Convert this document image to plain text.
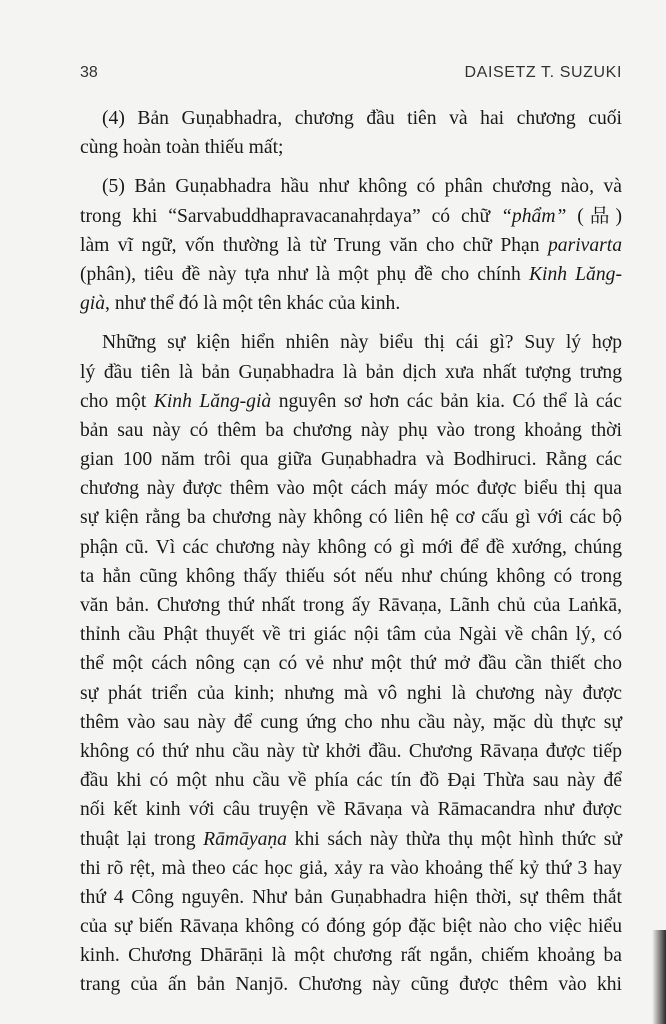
38	DAISETZ T. SUZUKI
(4) Bản Guṇabhadra, chương đầu tiên và hai chương cuối
cùng hoàn toàn thiếu mất;
(5) Bản Guṇabhadra hầu như không có phân chương nào, và
trong khi “Sarvabuddhapravacanahṛdaya” có chữ “phẩm” (品)
làm vĩ ngữ, vốn thường là từ Trung văn cho chữ Phạn parivarta
(phân), tiêu đề này tựa như là một phụ đề cho chính Kinh Lăng-
già, như thể đó là một tên khác của kinh.
Những sự kiện hiển nhiên này biểu thị cái gì? Suy lý hợp
lý đầu tiên là bản Guṇabhadra là bản dịch xưa nhất tượng trưng
cho một Kinh Lăng-già nguyên sơ hơn các bản kia. Có thể là các
bản sau này có thêm ba chương này phụ vào trong khoảng thời
gian 100 năm trôi qua giữa Guṇabhadra và Bodhiruci. Rằng các
chương này được thêm vào một cách máy móc được biểu thị qua
sự kiện rằng ba chương này không có liên hệ cơ cấu gì với các bộ
phận cũ. Vì các chương này không có gì mới để đề xướng, chúng
ta hẳn cũng không thấy thiếu sót nếu như chúng không có trong
văn bản. Chương thứ nhất trong ấy Rāvaṇa, Lãnh chủ của Laṅkā,
thỉnh cầu Phật thuyết về tri giác nội tâm của Ngài về chân lý, có
thể một cách nông cạn có vẻ như một thứ mở đầu cần thiết cho
sự phát triển của kinh; nhưng mà vô nghi là chương này được
thêm vào sau này để cung ứng cho nhu cầu này, mặc dù thực sự
không có thứ nhu cầu này từ khởi đầu. Chương Rāvaṇa được tiếp
đầu khi có một nhu cầu về phía các tín đồ Đại Thừa sau này để
nối kết kinh với câu truyện về Rāvaṇa và Rāmacandra như được
thuật lại trong Rāmāyaṇa khi sách này thừa thụ một hình thức sử
thi rõ rệt, mà theo các học giả, xảy ra vào khoảng thế kỷ thứ 3 hay
thứ 4 Công nguyên. Như bản Guṇabhadra hiện thời, sự thêm thắt
của sự biến Rāvaṇa không có đóng góp đặc biệt nào cho việc hiểu
kinh. Chương Dhārāṇi là một chương rất ngắn, chiếm khoảng ba
trang của ấn bản Nanjō. Chương này cũng được thêm vào khi
